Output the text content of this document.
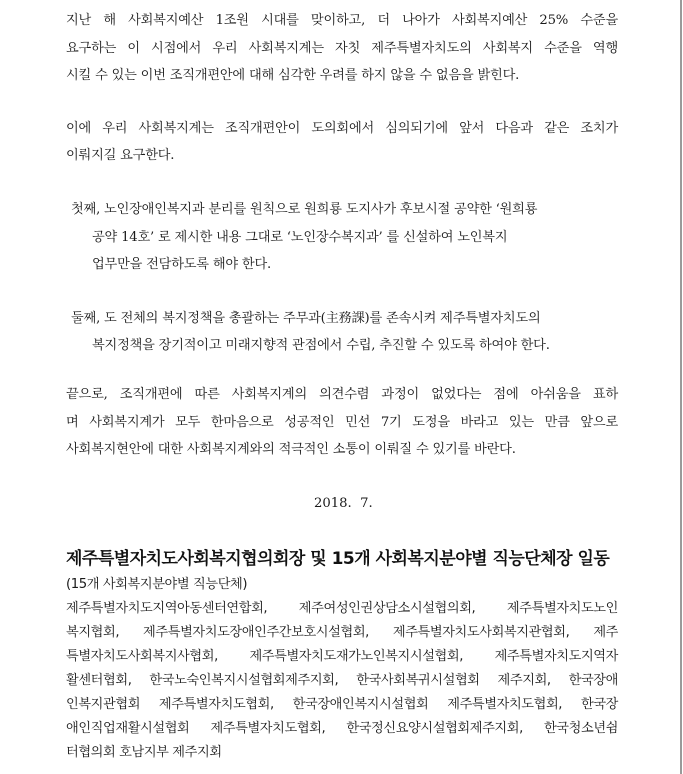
지난 해 사회복지예산 1조원 시대를 맞이하고, 더 나아가 사회복지예산 25% 수준을
요구하는 이 시점에서 우리 사회복지계는 자칫 제주특별자치도의 사회복지 수준을 역행
시킬 수 있는 이번 조직개편안에 대해 심각한 우려를 하지 않을 수 없음을 밝힌다.
이에 우리 사회복지계는 조직개편안이 도의회에서 심의되기에 앞서 다음과 같은 조치가
이뤄지길 요구한다.
첫째, 노인장애인복지과 분리를 원칙으로 원희룡 도지사가 후보시절 공약한 ‘원희룡
공약 14호’ 로 제시한 내용 그대로 ‘노인장수복지과’ 를 신설하여 노인복지
업무만을 전담하도록 해야 한다.
둘째, 도 전체의 복지정책을 총괄하는 주무과(主務課)를 존속시켜 제주특별자치도의
복지정책을 장기적이고 미래지향적 관점에서 수립, 추진할 수 있도록 하여야 한다.
끝으로, 조직개편에 따른 사회복지계의 의견수렴 과정이 없었다는 점에 아쉬움을 표하
며 사회복지계가 모두 한마음으로 성공적인 민선 7기 도정을 바라고 있는 만큼 앞으로
사회복지현안에 대한 사회복지계와의 적극적인 소통이 이뤄질 수 있기를 바란다.
2018.  7.
제주특별자치도사회복지협의회장 및 15개 사회복지분야별 직능단체장 일동
(15개 사회복지분야별 직능단체)
제주특별자치도지역아동센터연합회, 제주여성인권상담소시설협의회, 제주특별자치도노인
복지협회, 제주특별자치도장애인주간보호시설협회, 제주특별자치도사회복지관협회, 제주
특별자치도사회복지사협회, 제주특별자치도재가노인복지시설협회, 제주특별자치도지역자
활센터협회, 한국노숙인복지시설협회제주지회, 한국사회복귀시설협회 제주지회, 한국장애
인복지관협회 제주특별자치도협회, 한국장애인복지시설협회 제주특별자치도협회, 한국장
애인직업재활시설협회 제주특별자치도협회, 한국정신요양시설협회제주지회, 한국청소년쉼
터협의회 호남지부 제주지회
